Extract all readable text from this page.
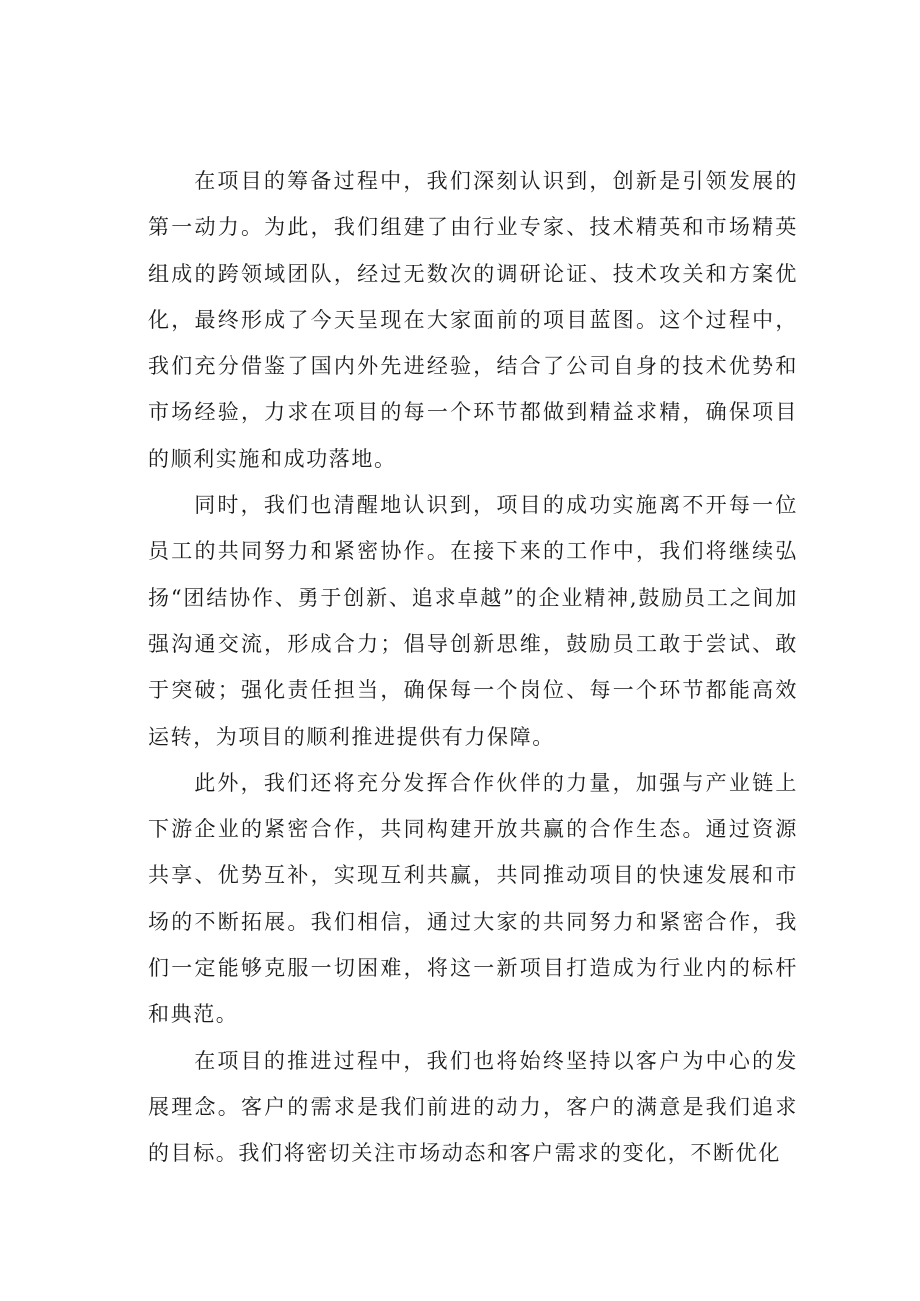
在项目的筹备过程中，我们深刻认识到，创新是引领发展的第一动力。为此，我们组建了由行业专家、技术精英和市场精英组成的跨领域团队，经过无数次的调研论证、技术攻关和方案优化，最终形成了今天呈现在大家面前的项目蓝图。这个过程中，我们充分借鉴了国内外先进经验，结合了公司自身的技术优势和市场经验，力求在项目的每一个环节都做到精益求精，确保项目的顺利实施和成功落地。

同时，我们也清醒地认识到，项目的成功实施离不开每一位员工的共同努力和紧密协作。在接下来的工作中，我们将继续弘扬“团结协作、勇于创新、追求卓越”的企业精神,鼓励员工之间加强沟通交流，形成合力；倡导创新思维，鼓励员工敢于尝试、敢于突破；强化责任担当，确保每一个岗位、每一个环节都能高效运转，为项目的顺利推进提供有力保障。

此外，我们还将充分发挥合作伙伴的力量，加强与产业链上下游企业的紧密合作，共同构建开放共赢的合作生态。通过资源共享、优势互补，实现互利共赢，共同推动项目的快速发展和市场的不断拓展。我们相信，通过大家的共同努力和紧密合作，我们一定能够克服一切困难，将这一新项目打造成为行业内的标杆和典范。

在项目的推进过程中，我们也将始终坚持以客户为中心的发展理念。客户的需求是我们前进的动力，客户的满意是我们追求的目标。我们将密切关注市场动态和客户需求的变化，不断优化
